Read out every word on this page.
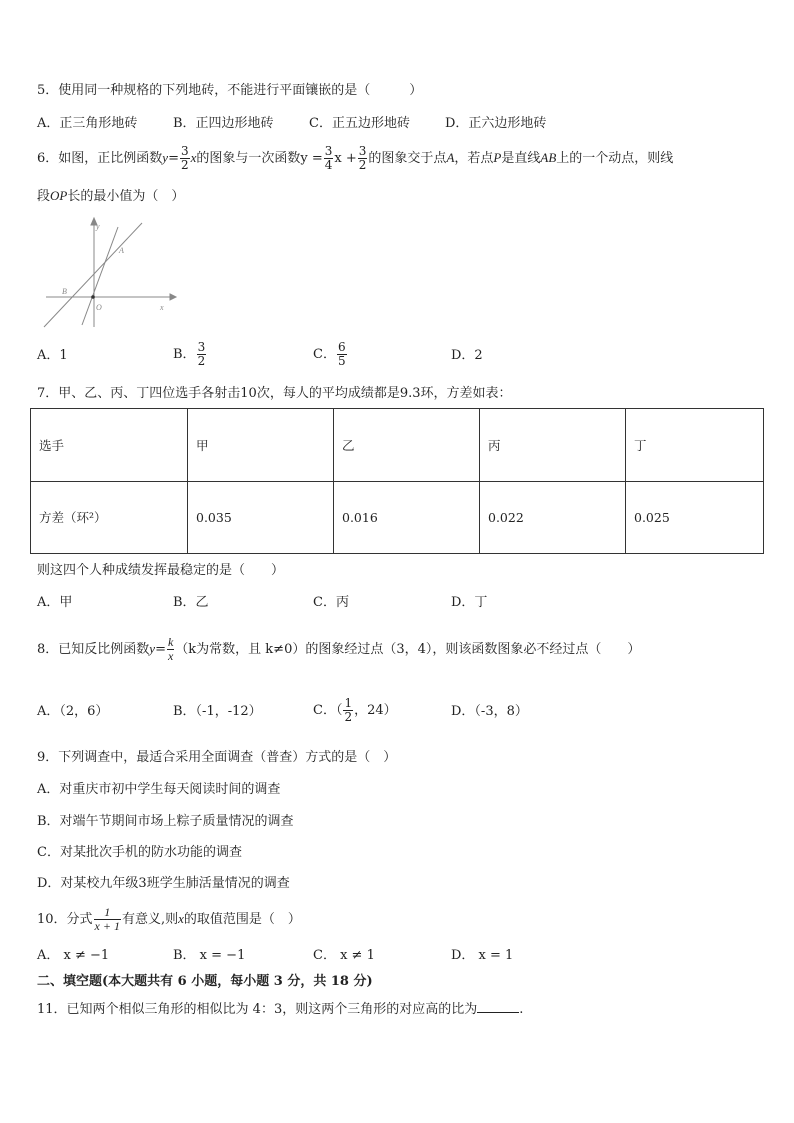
5．使用同一种规格的下列地砖，不能进行平面镶嵌的是（　　　）
A．正三角形地砖	B．正四边形地砖	C．正五边形地砖	D．正六边形地砖
6．如图，正比例函数$y= \frac{3}{2}$ x的图象与一次函数$y = \frac{3}{4}$ $x + \frac{3}{2}$ 的图象交于点A，若点P是直线AB上的一个动点，则线
段OP长的最小值为（　）
y
A
B
O	x
A．1	B． $\frac{3}{2}$	C． $\frac{6}{5}$	D．2
7．甲、乙、丙、丁四位选手各射击10次，每人的平均成绩都是9.3环，方差如表：
选手	甲	乙	丙	丁
方差（环²）	0.035	0.016	0.022	0.025
则这四个人种成绩发挥最稳定的是（　　）
A．甲	B．乙	C．丙	D．丁
8．已知反比例函数$y= \frac{k}{x} (k$为常数，且 k≠0）的图象经过点（3，4），则该函数图象必不经过点（　　）
A．（2，6）	B．（-1，-12）	C．（ $\frac{1}{2}$ ，24）	D．（-3，8）
9．下列调查中，最适合采用全面调查（普查）方式的是（　）
A．对重庆市初中学生每天阅读时间的调查
B．对端午节期间市场上粽子质量情况的调查
C．对某批次手机的防水功能的调查
D．对某校九年级3班学生肺活量情况的调查
10．分式 $\frac{1}{x + 1}$ 有意义,则x的取值范围是（　）
A． x ≠ −1	B． x = −1	C． x ≠ 1	D． x = 1
二、填空题(本大题共有 6 小题，每小题 3 分，共 18 分)
11．已知两个相似三角形的相似比为 4：3，则这两个三角形的对应高的比为	.
